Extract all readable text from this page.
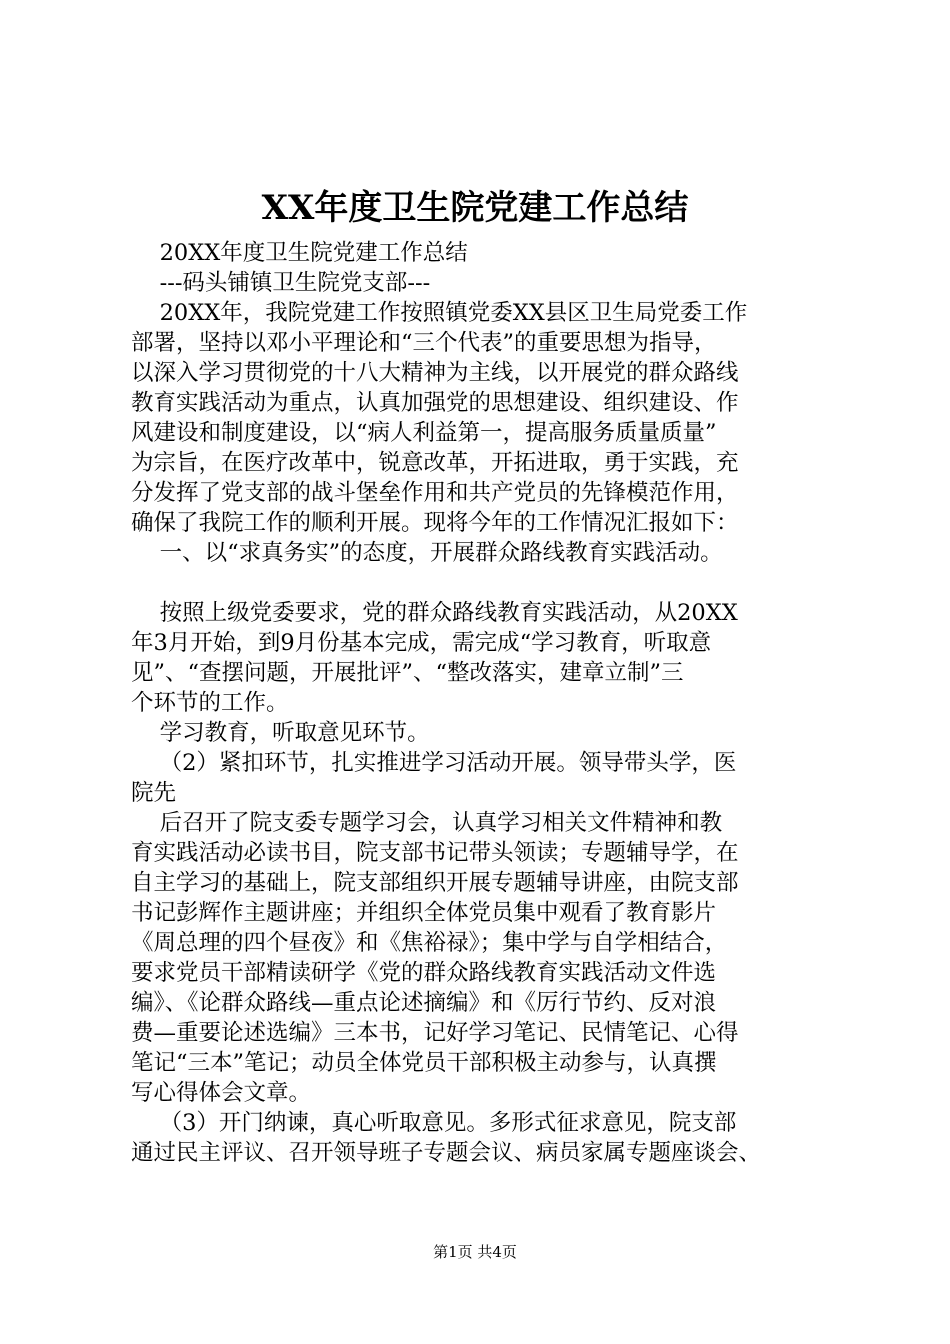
XX年度卫生院党建工作总结
20XX年度卫生院党建工作总结
---码头铺镇卫生院党支部---
20XX年，我院党建工作按照镇党委XX县区卫生局党委工作
部署，坚持以邓小平理论和“三个代表”的重要思想为指导，
以深入学习贯彻党的十八大精神为主线，以开展党的群众路线
教育实践活动为重点，认真加强党的思想建设、组织建设、作
风建设和制度建设，以“病人利益第一，提高服务质量质量”
为宗旨，在医疗改革中，锐意改革，开拓进取，勇于实践，充
分发挥了党支部的战斗堡垒作用和共产党员的先锋模范作用，
确保了我院工作的顺利开展。现将今年的工作情况汇报如下：
一、以“求真务实”的态度，开展群众路线教育实践活动。
按照上级党委要求，党的群众路线教育实践活动，从20XX
年3月开始，到9月份基本完成，需完成“学习教育，听取意
见”、“查摆问题，开展批评”、“整改落实，建章立制”三
个环节的工作。
学习教育，听取意见环节。
（2）紧扣环节，扎实推进学习活动开展。领导带头学，医
院先
后召开了院支委专题学习会，认真学习相关文件精神和教
育实践活动必读书目，院支部书记带头领读；专题辅导学，在
自主学习的基础上，院支部组织开展专题辅导讲座，由院支部
书记彭辉作主题讲座；并组织全体党员集中观看了教育影片
《周总理的四个昼夜》和《焦裕禄》；集中学与自学相结合，
要求党员干部精读研学《党的群众路线教育实践活动文件选
编》、《论群众路线—重点论述摘编》和《厉行节约、反对浪
费—重要论述选编》三本书，记好学习笔记、民情笔记、心得
笔记“三本”笔记；动员全体党员干部积极主动参与，认真撰
写心得体会文章。
（3）开门纳谏，真心听取意见。多形式征求意见，院支部
通过民主评议、召开领导班子专题会议、病员家属专题座谈会、
第1页 共4页
